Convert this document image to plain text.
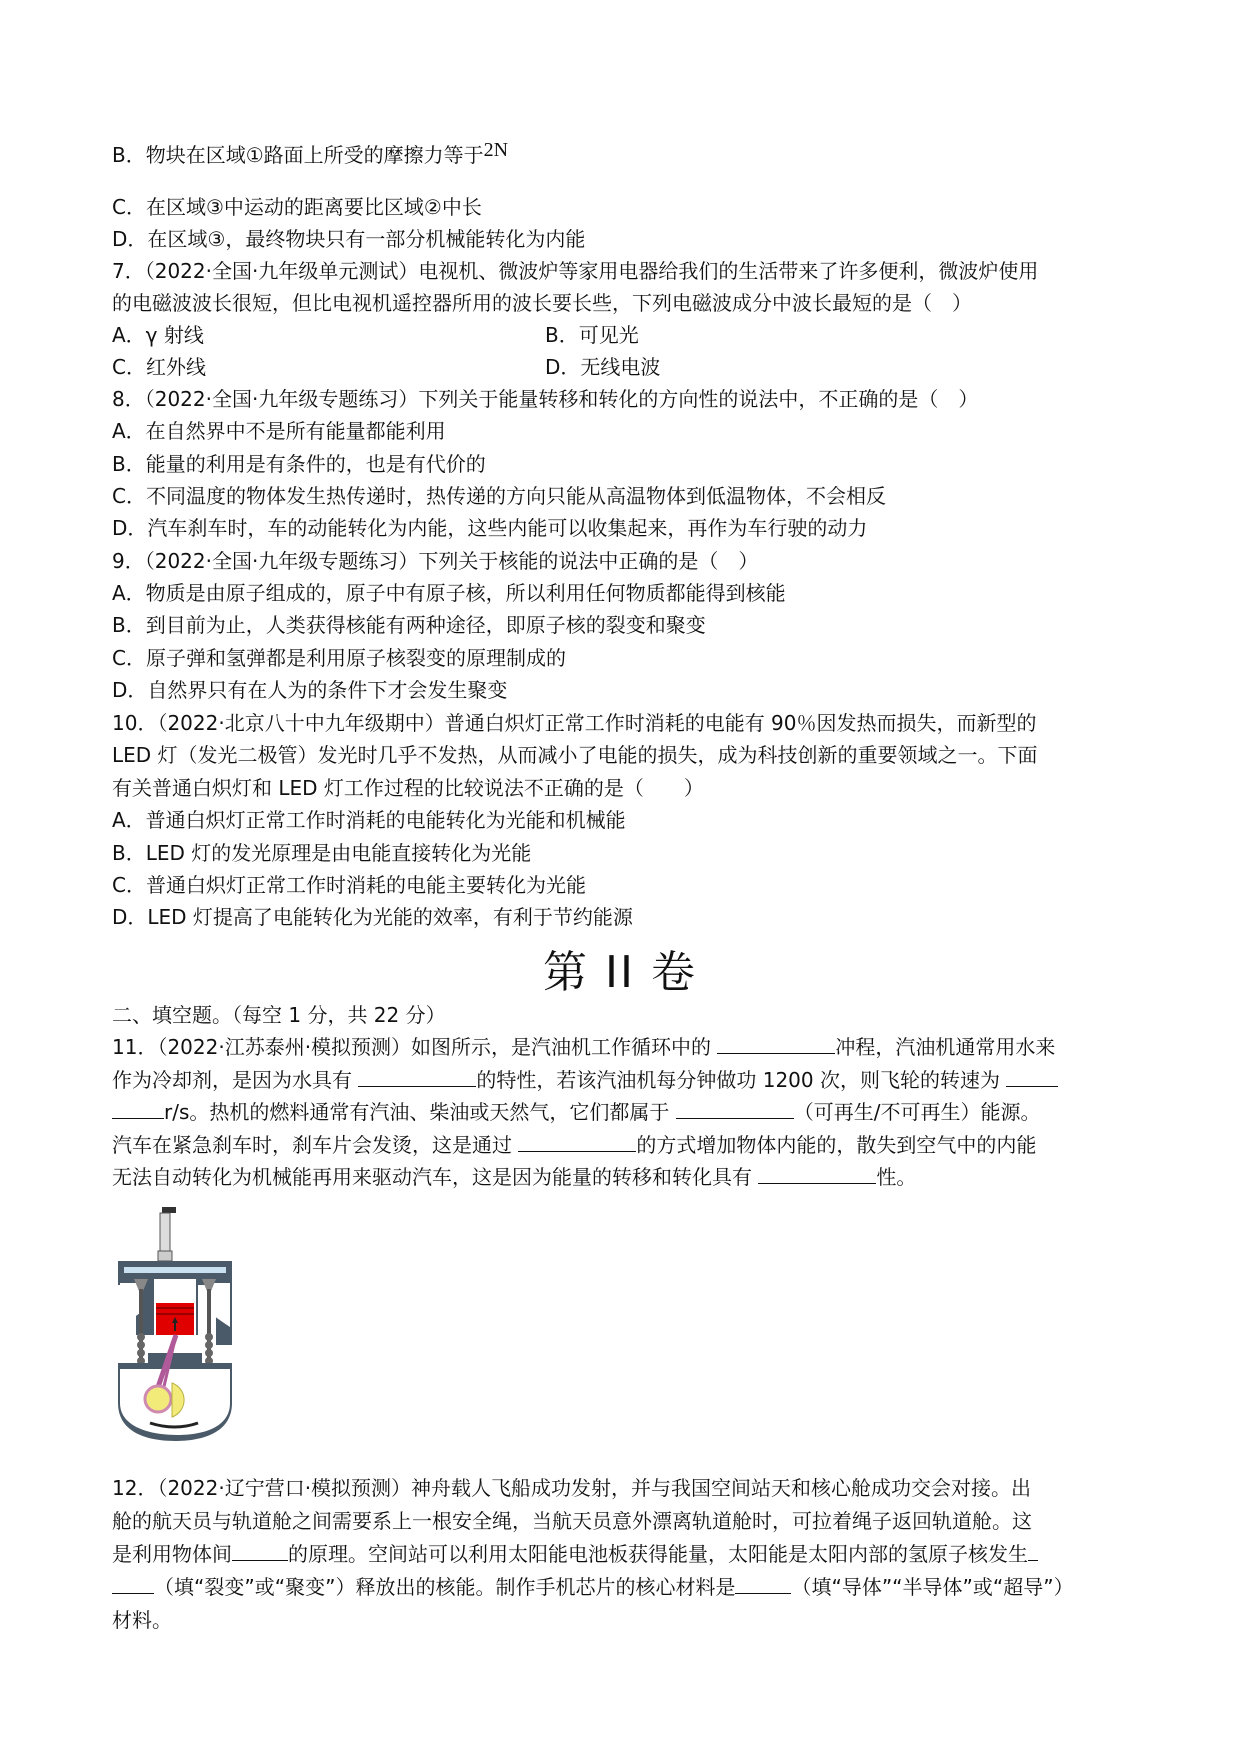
B．物块在区域①路面上所受的摩擦力等于2N
C．在区域③中运动的距离要比区域②中长
D．在区域③，最终物块只有一部分机械能转化为内能
7．（2022·全国·九年级单元测试）电视机、微波炉等家用电器给我们的生活带来了许多便利，微波炉使用
的电磁波波长很短，但比电视机遥控器所用的波长要长些，下列电磁波成分中波长最短的是（　）
A．γ 射线	B．可见光
C．红外线	D．无线电波
8．（2022·全国·九年级专题练习）下列关于能量转移和转化的方向性的说法中，不正确的是（　）
A．在自然界中不是所有能量都能利用
B．能量的利用是有条件的，也是有代价的
C．不同温度的物体发生热传递时，热传递的方向只能从高温物体到低温物体，不会相反
D．汽车刹车时，车的动能转化为内能，这些内能可以收集起来，再作为车行驶的动力
9．（2022·全国·九年级专题练习）下列关于核能的说法中正确的是（　）
A．物质是由原子组成的，原子中有原子核，所以利用任何物质都能得到核能
B．到目前为止，人类获得核能有两种途径，即原子核的裂变和聚变
C．原子弹和氢弹都是利用原子核裂变的原理制成的
D．自然界只有在人为的条件下才会发生聚变
10．（2022·北京八十中九年级期中）普通白炽灯正常工作时消耗的电能有 90％因发热而损失，而新型的
LED 灯（发光二极管）发光时几乎不发热，从而减小了电能的损失，成为科技创新的重要领域之一。下面
有关普通白炽灯和 LED 灯工作过程的比较说法不正确的是（　　）
A．普通白炽灯正常工作时消耗的电能转化为光能和机械能
B．LED 灯的发光原理是由电能直接转化为光能
C．普通白炽灯正常工作时消耗的电能主要转化为光能
D．LED 灯提高了电能转化为光能的效率，有利于节约能源
第 II 卷
二、填空题。（每空 1 分，共 22 分）
11．（2022·江苏泰州·模拟预测）如图所示，是汽油机工作循环中的	冲程，汽油机通常用水来
作为冷却剂，是因为水具有	的特性，若该汽油机每分钟做功 1200 次，则飞轮的转速为
r/s。热机的燃料通常有汽油、柴油或天然气，它们都属于	（可再生/不可再生）能源。
汽车在紧急刹车时，刹车片会发烫，这是通过	的方式增加物体内能的，散失到空气中的内能
无法自动转化为机械能再用来驱动汽车，这是因为能量的转移和转化具有	性。
12．（2022·辽宁营口·模拟预测）神舟载人飞船成功发射，并与我国空间站天和核心舱成功交会对接。出
舱的航天员与轨道舱之间需要系上一根安全绳，当航天员意外漂离轨道舱时，可拉着绳子返回轨道舱。这
是利用物体间	的原理。空间站可以利用太阳能电池板获得能量，太阳能是太阳内部的氢原子核发生
（填“裂变”或“聚变”）释放出的核能。制作手机芯片的核心材料是	（填“导体”“半导体”或“超导”）
材料。
